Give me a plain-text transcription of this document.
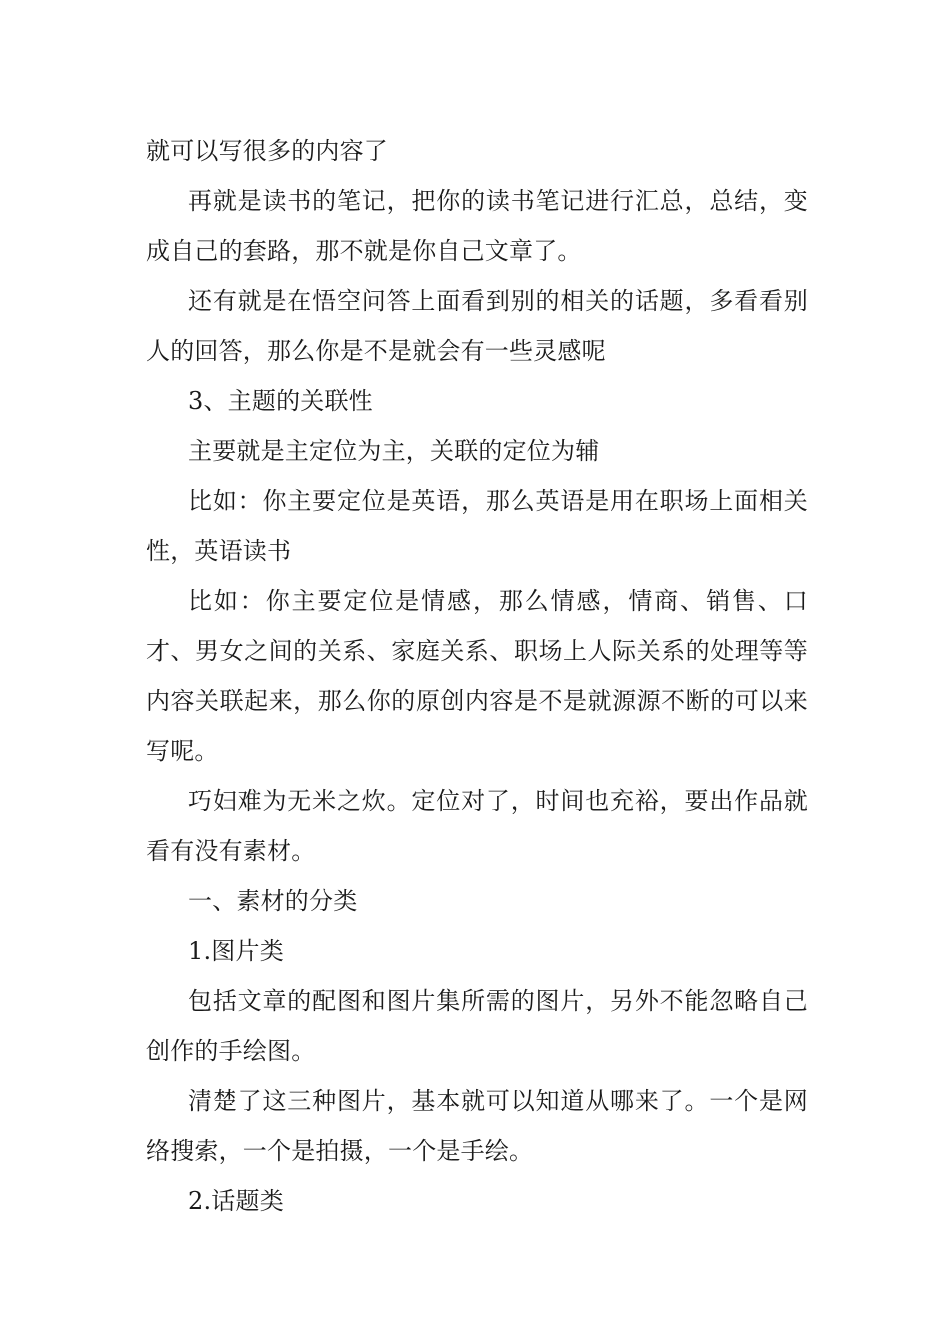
就可以写很多的内容了

再就是读书的笔记，把你的读书笔记进行汇总，总结，变成自己的套路，那不就是你自己文章了。

还有就是在悟空问答上面看到别的相关的话题，多看看别人的回答，那么你是不是就会有一些灵感呢

3、主题的关联性

主要就是主定位为主，关联的定位为辅

比如：你主要定位是英语，那么英语是用在职场上面相关性，英语读书

比如：你主要定位是情感，那么情感，情商、销售、口才、男女之间的关系、家庭关系、职场上人际关系的处理等等内容关联起来，那么你的原创内容是不是就源源不断的可以来写呢。

巧妇难为无米之炊。定位对了，时间也充裕，要出作品就看有没有素材。

一、素材的分类

1.图片类

包括文章的配图和图片集所需的图片，另外不能忽略自己创作的手绘图。

清楚了这三种图片，基本就可以知道从哪来了。一个是网络搜索，一个是拍摄，一个是手绘。

2.话题类
